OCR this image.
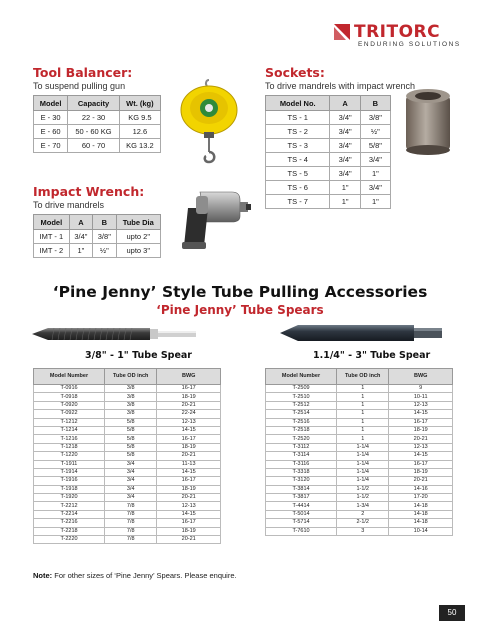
TRITORC
ENDURING SOLUTIONS
Tool Balancer:
To suspend pulling gun
Model	Capacity	Wt. (kg)
E - 30	22 - 30	KG 9.5
E - 60	50 - 60 KG	12.6
E - 70	60 - 70	KG 13.2
Sockets:
To drive mandrels with impact wrench
Model No.	A	B
TS - 1	3/4"	3/8"
TS - 2	3/4"	½"
TS - 3	3/4"	5/8"
TS - 4	3/4"	3/4"
TS - 5	3/4"	1"
TS - 6	1"	3/4"
TS - 7	1"	1"
Impact Wrench:
To drive mandrels
Model	A	B	Tube Dia
IMT - 1	3/4"	3/8"	upto 2"
IMT - 2	1"	½"	upto 3"
‘Pine Jenny’ Style Tube Pulling Accessories
‘Pine Jenny’ Tube Spears
3/8" - 1" Tube Spear	1.1/4" - 3" Tube Spear
Model Number	Tube OD inch	BWG
T-0916	3/8	16-17
T-0918	3/8	18-19
T-0920	3/8	20-21
T-0922	3/8	22-24
T-1212	5/8	12-13
T-1214	5/8	14-15
T-1216	5/8	16-17
T-1218	5/8	18-19
T-1220	5/8	20-21
T-1911	3/4	11-13
T-1914	3/4	14-15
T-1916	3/4	16-17
T-1918	3/4	18-19
T-1920	3/4	20-21
T-2212	7/8	12-13
T-2214	7/8	14-15
T-2216	7/8	16-17
T-2218	7/8	18-19
T-2220	7/8	20-21
Model Number	Tube OD inch	BWG
T-2509	1	9
T-2510	1	10-11
T-2512	1	12-13
T-2514	1	14-15
T-2516	1	16-17
T-2518	1	18-19
T-2520	1	20-21
T-3112	1-1/4	12-13
T-3114	1-1/4	14-15
T-3116	1-1/4	16-17
T-3318	1-1/4	18-19
T-3120	1-1/4	20-21
T-3814	1-1/2	14-16
T-3817	1-1/2	17-20
T-4414	1-3/4	14-18
T-5014	2	14-18
T-5714	2-1/2	14-18
T-7610	3	10-14
Note: For other sizes of ‘Pine Jenny’ Spears. Please enquire.
50
